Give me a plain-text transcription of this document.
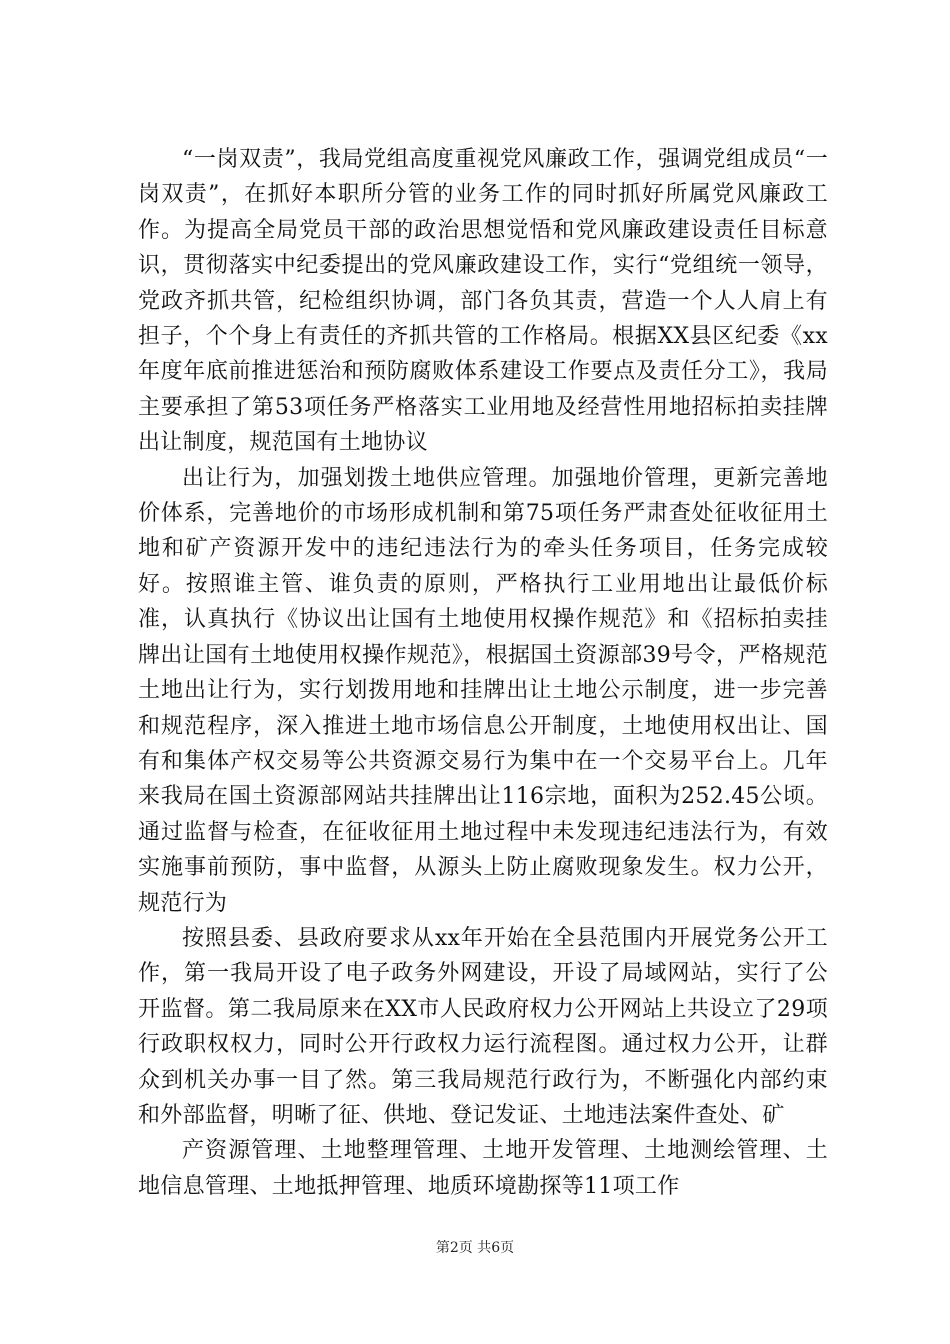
“一岗双责”，我局党组高度重视党风廉政工作，强调党组成员“一岗双责”，在抓好本职所分管的业务工作的同时抓好所属党风廉政工作。为提高全局党员干部的政治思想觉悟和党风廉政建设责任目标意识，贯彻落实中纪委提出的党风廉政建设工作，实行“党组统一领导，党政齐抓共管，纪检组织协调，部门各负其责，营造一个人人肩上有担子，个个身上有责任的齐抓共管的工作格局。根据XX县区纪委《xx年度年底前推进惩治和预防腐败体系建设工作要点及责任分工》，我局主要承担了第53项任务严格落实工业用地及经营性用地招标拍卖挂牌出让制度，规范国有土地协议

出让行为，加强划拨土地供应管理。加强地价管理，更新完善地价体系，完善地价的市场形成机制和第75项任务严肃查处征收征用土地和矿产资源开发中的违纪违法行为的牵头任务项目，任务完成较好。按照谁主管、谁负责的原则，严格执行工业用地出让最低价标准，认真执行《协议出让国有土地使用权操作规范》和《招标拍卖挂牌出让国有土地使用权操作规范》，根据国土资源部39号令，严格规范土地出让行为，实行划拨用地和挂牌出让土地公示制度，进一步完善和规范程序，深入推进土地市场信息公开制度，土地使用权出让、国有和集体产权交易等公共资源交易行为集中在一个交易平台上。几年来我局在国土资源部网站共挂牌出让116宗地，面积为252.45公顷。通过监督与检查，在征收征用土地过程中未发现违纪违法行为，有效实施事前预防，事中监督，从源头上防止腐败现象发生。权力公开，规范行为

按照县委、县政府要求从xx年开始在全县范围内开展党务公开工作，第一我局开设了电子政务外网建设，开设了局域网站，实行了公开监督。第二我局原来在XX市人民政府权力公开网站上共设立了29项行政职权权力，同时公开行政权力运行流程图。通过权力公开，让群众到机关办事一目了然。第三我局规范行政行为，不断强化内部约束和外部监督，明晰了征、供地、登记发证、土地违法案件查处、矿

产资源管理、土地整理管理、土地开发管理、土地测绘管理、土地信息管理、土地抵押管理、地质环境勘探等11项工作

第2页 共6页
